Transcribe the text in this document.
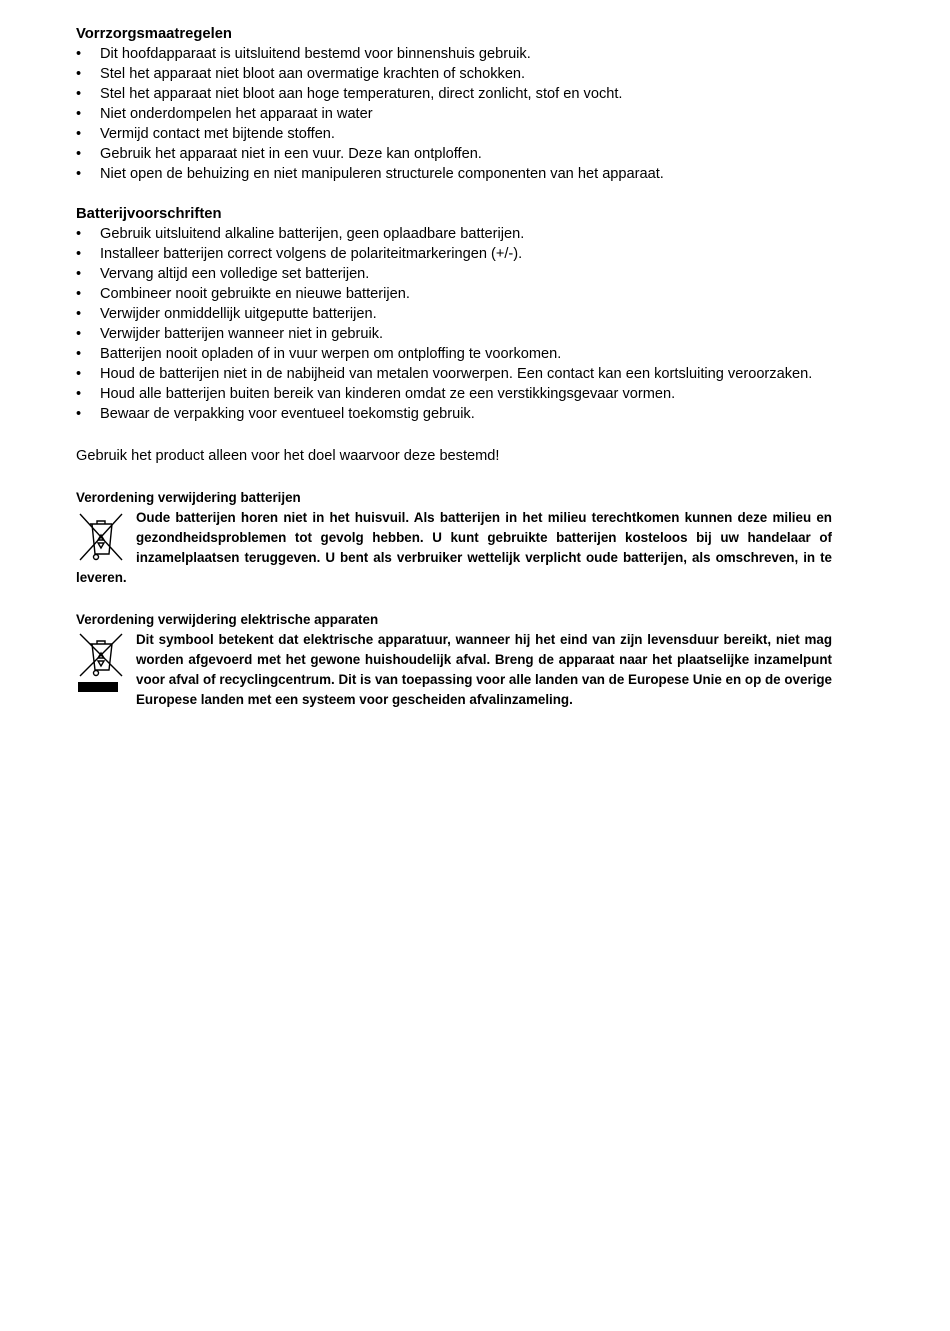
Vorrzorgsmaatregelen
• Dit hoofdapparaat is uitsluitend bestemd voor binnenshuis gebruik.
• Stel het apparaat niet bloot aan overmatige krachten of schokken.
• Stel het apparaat niet bloot aan hoge temperaturen, direct zonlicht, stof en vocht.
• Niet onderdompelen het apparaat in water
• Vermijd contact met bijtende stoffen.
• Gebruik het apparaat niet in een vuur. Deze kan ontploffen.
• Niet open de behuizing en niet manipuleren structurele componenten van het apparaat.
Batterijvoorschriften
• Gebruik uitsluitend alkaline batterijen, geen oplaadbare batterijen.
• Installeer batterijen correct volgens de polariteitmarkeringen (+/-).
• Vervang altijd een volledige set batterijen.
• Combineer nooit gebruikte en nieuwe batterijen.
• Verwijder onmiddellijk uitgeputte batterijen.
• Verwijder batterijen wanneer niet in gebruik.
• Batterijen nooit opladen of in vuur werpen om ontploffing te voorkomen.
• Houd de batterijen niet in de nabijheid van metalen voorwerpen. Een contact kan een kortsluiting veroorzaken.
• Houd alle batterijen buiten bereik van kinderen omdat ze een verstikkingsgevaar vormen.
• Bewaar de verpakking voor eventueel toekomstig gebruik.

Gebruik het product alleen voor het doel waarvoor deze bestemd!

Verordening verwijdering batterijen
Oude batterijen horen niet in het huisvuil. Als batterijen in het milieu terechtkomen kunnen deze milieu en gezondheidsproblemen tot gevolg hebben. U kunt gebruikte batterijen kosteloos bij uw handelaar of inzamelplaatsen teruggeven. U bent als verbruiker wettelijk verplicht oude batterijen, als omschreven, in te leveren.
Verordening verwijdering elektrische apparaten
Dit symbool betekent dat elektrische apparatuur, wanneer hij het eind van zijn levensduur bereikt, niet mag worden afgevoerd met het gewone huishoudelijk afval. Breng de apparaat naar het plaatselijke inzamelpunt voor afval of recyclingcentrum. Dit is van toepassing voor alle landen van de Europese Unie en op de overige Europese landen met een systeem voor gescheiden afvalinzameling.
